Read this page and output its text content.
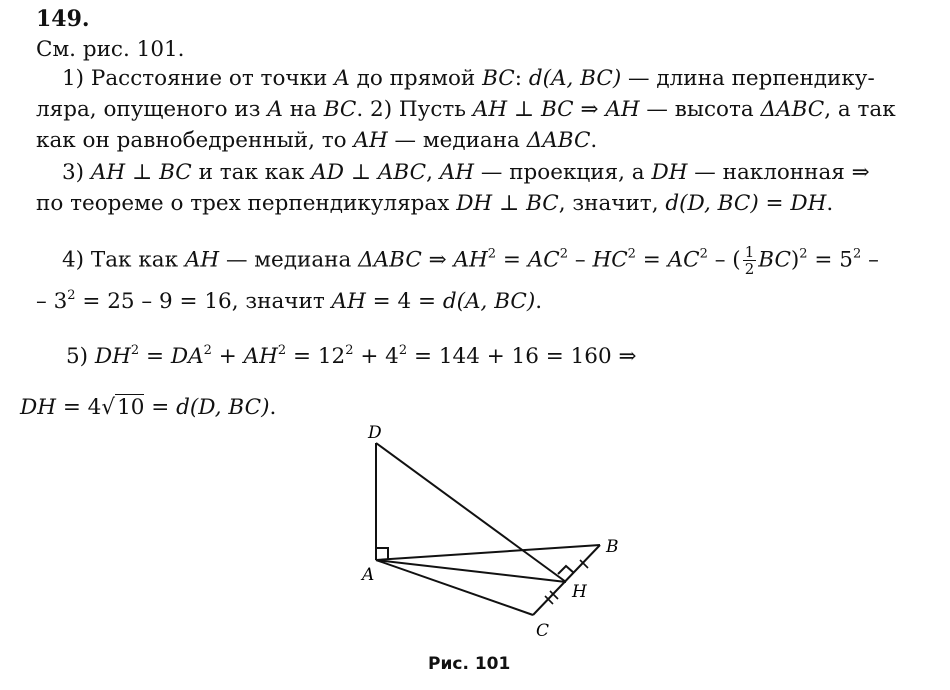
149.
См. рис. 101.
1) Расстояние от точки A до прямой BC: d(A, BC) — длина перпендику-
ляра, опущеного из A на BC. 2) Пусть AH ⊥ BC ⇒ AH — высота ΔABC, а так
как он равнобедренный, то AH — медиана ΔABC.
3) AH ⊥ BC и так как AD ⊥ ABC, AH — проекция, а DH — наклонная ⇒
по теореме о трех перпендикулярах DH ⊥ BC, значит, d(D, BC) = DH.
4) Так как AH — медиана ΔABC ⇒ $AH^2 = AC^2 - HC^2 = AC^2$ – ( $\frac{1}{2} BC)^2 = 5^2$ –
– $3^2 = 25 - 9 = 16$, значит AH = 4 = d(A, BC).
5) $DH^2 = DA^2 + AH^2 = 12^2 + 4^2 = 144 + 16 = 160$ ⇒
DH = 4√10 = d(D, BC).
D
A
B
H
C
Рис. 101
